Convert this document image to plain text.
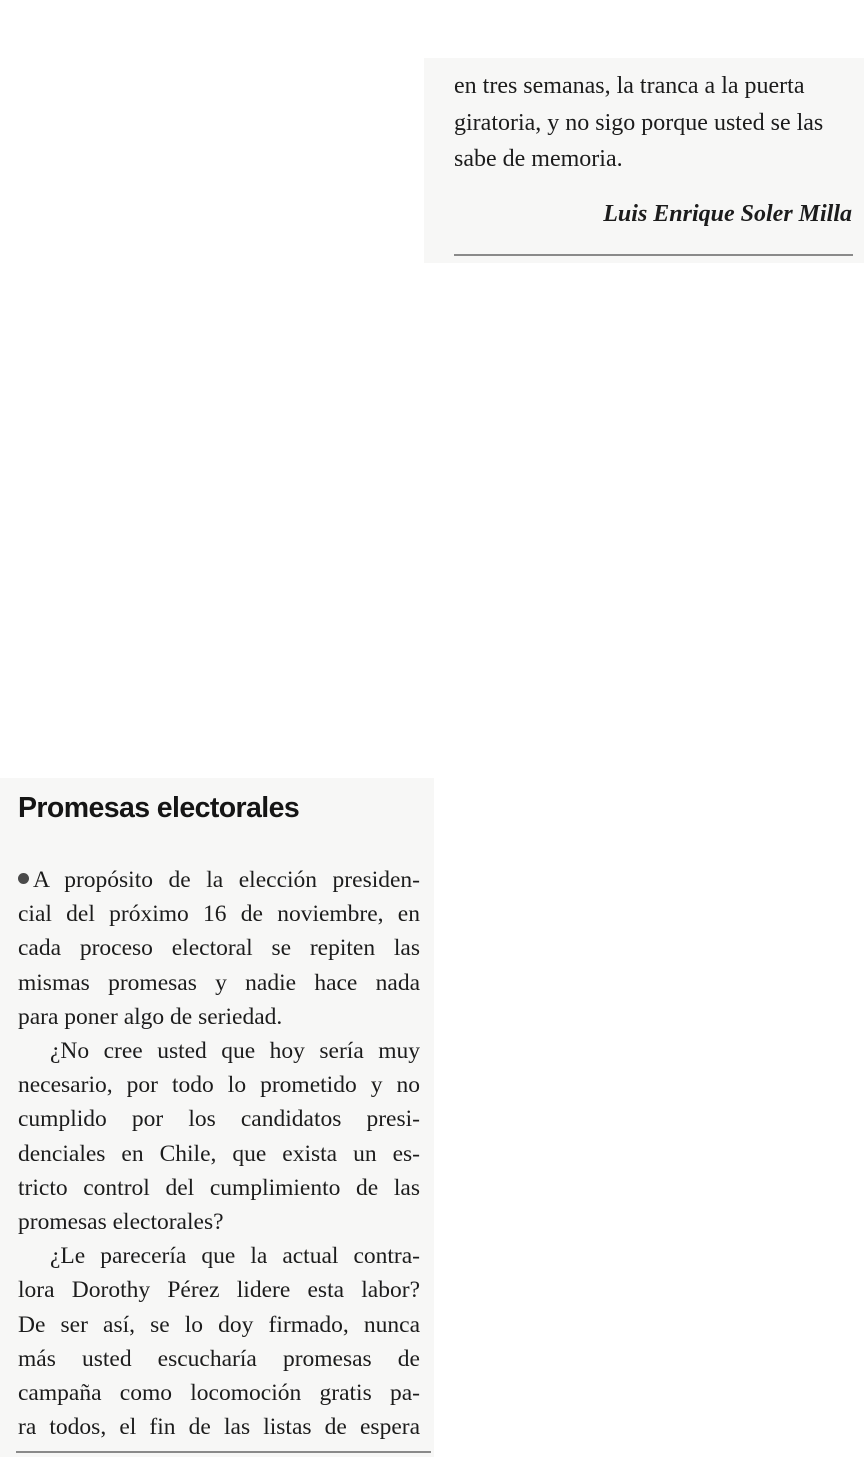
en tres semanas, la tranca a la puerta

giratoria, y no sigo porque usted se las

sabe de memoria.

Luis Enrique Soler Milla
Promesas electorales

A propósito de la elección presiden-

cial del próximo 16 de noviembre, en

cada proceso electoral se repiten las

mismas promesas y nadie hace nada

para poner algo de seriedad.

¿No cree usted que hoy sería muy

necesario, por todo lo prometido y no

cumplido por los candidatos presi-

denciales en Chile, que exista un es-

tricto control del cumplimiento de las

promesas electorales?

¿Le parecería que la actual contra-

lora Dorothy Pérez lidere esta labor?

De ser así, se lo doy firmado, nunca

más usted escucharía promesas de

campaña como locomoción gratis pa-

ra todos, el fin de las listas de espera
